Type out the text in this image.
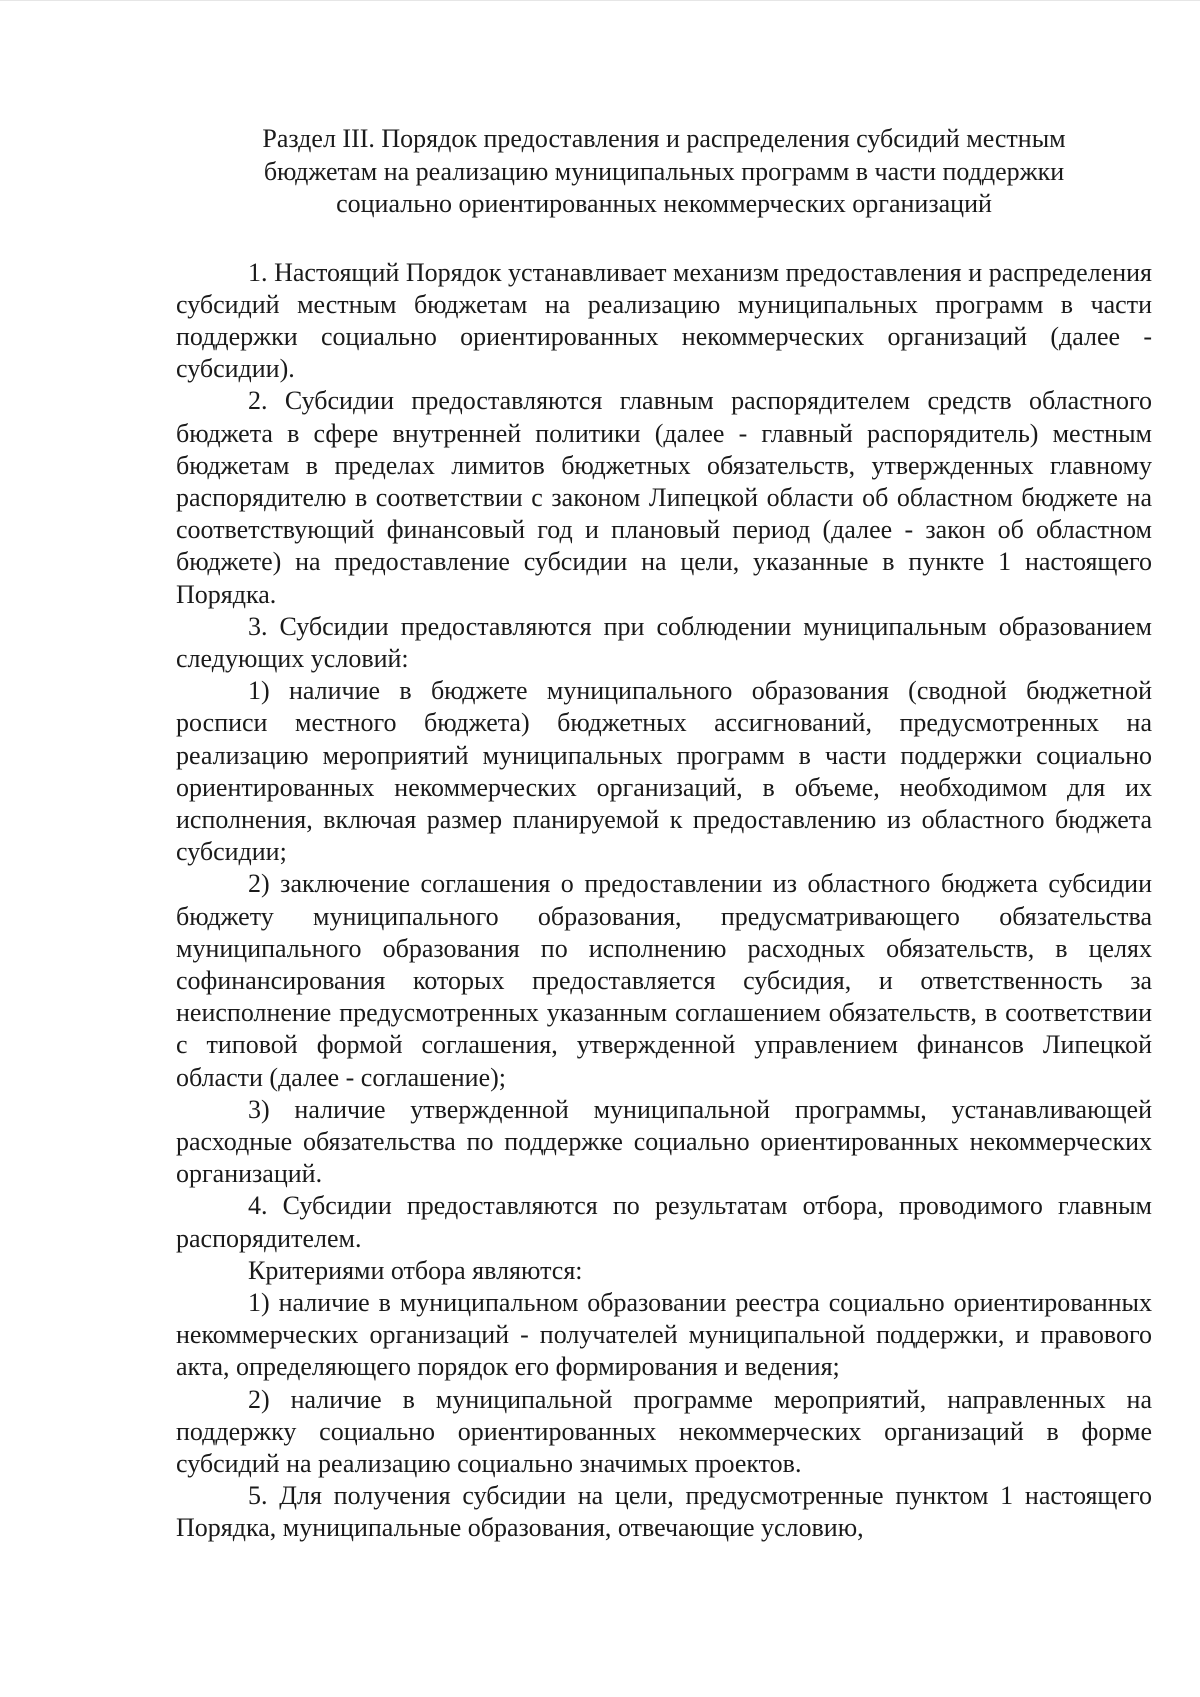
Раздел III. Порядок предоставления и распределения субсидий местным
бюджетам на реализацию муниципальных программ в части поддержки
социально ориентированных некоммерческих организаций

1. Настоящий Порядок устанавливает механизм предоставления и распределения субсидий местным бюджетам на реализацию муниципальных программ в части поддержки социально ориентированных некоммерческих организаций (далее - субсидии).

2. Субсидии предоставляются главным распорядителем средств областного бюджета в сфере внутренней политики (далее - главный распорядитель) местным бюджетам в пределах лимитов бюджетных обязательств, утвержденных главному распорядителю в соответствии с законом Липецкой области об областном бюджете на соответствующий финансовый год и плановый период (далее - закон об областном бюджете) на предоставление субсидии на цели, указанные в пункте 1 настоящего Порядка.

3. Субсидии предоставляются при соблюдении муниципальным образованием следующих условий:

1) наличие в бюджете муниципального образования (сводной бюджетной росписи местного бюджета) бюджетных ассигнований, предусмотренных на реализацию мероприятий муниципальных программ в части поддержки социально ориентированных некоммерческих организаций, в объеме, необходимом для их исполнения, включая размер планируемой к предоставлению из областного бюджета субсидии;

2) заключение соглашения о предоставлении из областного бюджета субсидии бюджету муниципального образования, предусматривающего обязательства муниципального образования по исполнению расходных обязательств, в целях софинансирования которых предоставляется субсидия, и ответственность за неисполнение предусмотренных указанным соглашением обязательств, в соответствии с типовой формой соглашения, утвержденной управлением финансов Липецкой области (далее - соглашение);

3) наличие утвержденной муниципальной программы, устанавливающей расходные обязательства по поддержке социально ориентированных некоммерческих организаций.

4. Субсидии предоставляются по результатам отбора, проводимого главным распорядителем.

Критериями отбора являются:

1) наличие в муниципальном образовании реестра социально ориентированных некоммерческих организаций - получателей муниципальной поддержки, и правового акта, определяющего порядок его формирования и ведения;

2) наличие в муниципальной программе мероприятий, направленных на поддержку социально ориентированных некоммерческих организаций в форме субсидий на реализацию социально значимых проектов.

5. Для получения субсидии на цели, предусмотренные пунктом 1 настоящего Порядка, муниципальные образования, отвечающие условию,
